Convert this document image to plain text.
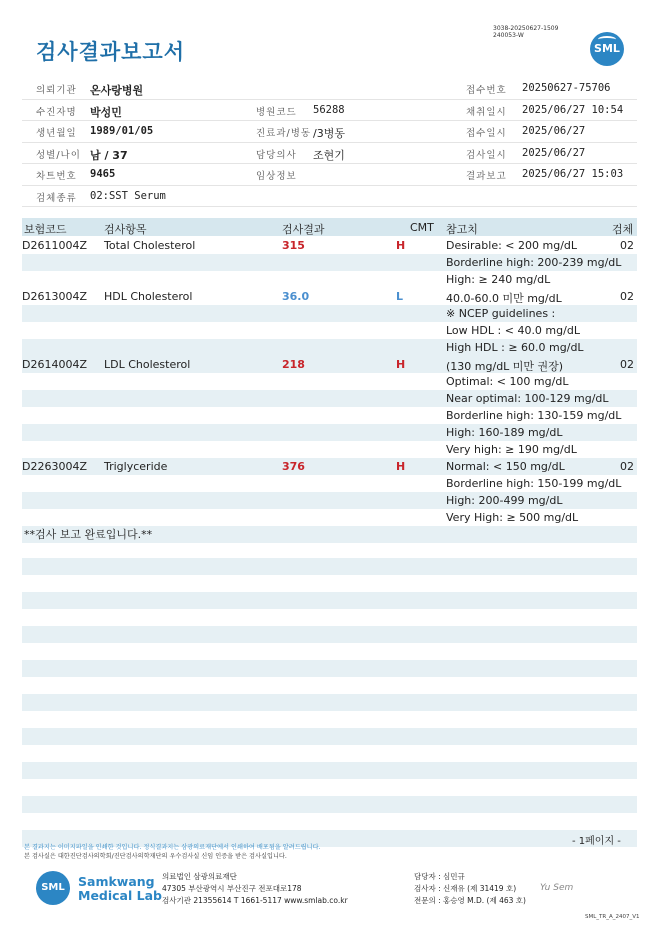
검사결과보고서
3038-20250627-1509
240053-W
SML
의뢰기관 온사랑병원	접수번호 20250627-75706
수진자명 박성민	병원코드 56288	채취일시 2025/06/27 10:54
생년월일 1989/01/05	진료과/병동 /3병동	접수일시 2025/06/27
성별/나이 남 / 37	담당의사 조현기	검사일시 2025/06/27
차트번호 9465	임상정보	결과보고 2025/06/27 15:03
검체종류 02:SST Serum
보험코드	검사항목	검사결과	CMT 참고치	검체
D2611004Z Total Cholesterol	315	H	Desirable: < 200 mg/dL	02
Borderline high: 200-239 mg/dL
High: ≥ 240 mg/dL
D2613004Z HDL Cholesterol	36.0	L	40.0-60.0 미만 mg/dL	02
※ NCEP guidelines :
Low HDL : < 40.0 mg/dL
High HDL : ≥ 60.0 mg/dL
D2614004Z LDL Cholesterol	218	H	(130 mg/dL 미만 권장)	02
Optimal: < 100 mg/dL
Near optimal: 100-129 mg/dL
Borderline high: 130-159 mg/dL
High: 160-189 mg/dL
Very high: ≥ 190 mg/dL
D2263004Z Triglyceride	376	H	Normal: < 150 mg/dL	02
Borderline high: 150-199 mg/dL
High: 200-499 mg/dL
Very High: ≥ 500 mg/dL
**검사 보고 완료입니다.**
본 결과지는 이미지파일을 인쇄한 것입니다. 정식결과지는 삼광의료재단에서 인쇄하여 배포됨을 알려드립니다.
본 검사실은 대한진단검사의학회/진단검사의학재단의 우수검사실 신임 인증을 받은 검사실입니다.
- 1페이지 -
SML	Samkwang
Medical Lab
의료법인 삼광의료재단
47305 부산광역시 부산진구 전포대로178
검사기관 21355614 T 1661-5117 www.smlab.co.kr
담당자 : 심민규
검사자 : 신재유 (제 31419 호)
전문의 : 홍승영 M.D. (제 463 호)
Yu Sem
SML_TR_A_2407_V1
